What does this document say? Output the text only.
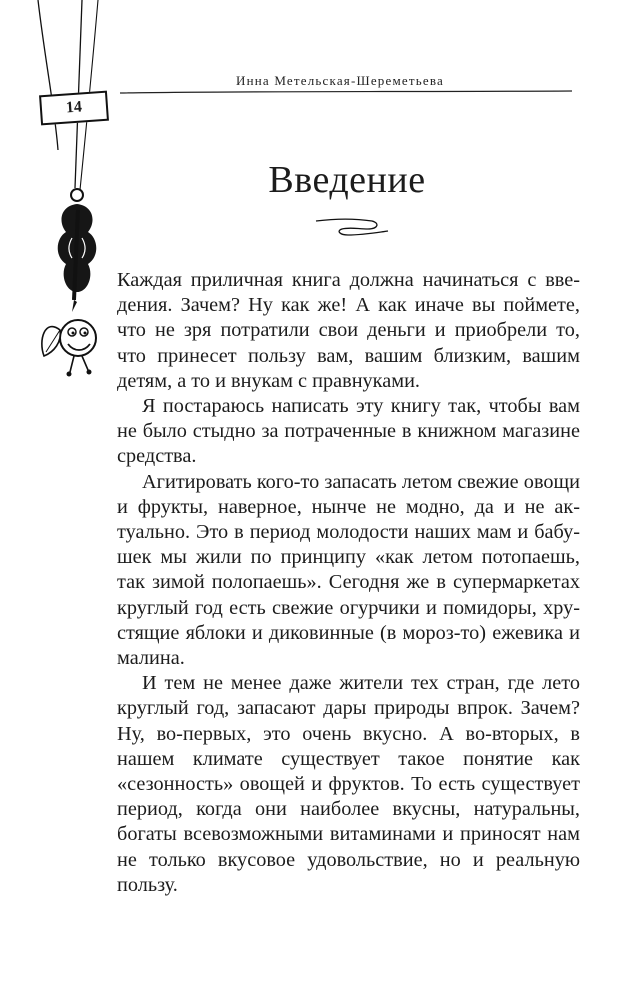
Инна Метельская-Шереметьева
14
Введение

Каждая приличная книга должна начинаться с введения. Зачем? Ну как же! А как иначе вы поймете, что не зря потратили свои деньги и приобрели то, что принесет пользу вам, вашим близким, вашим детям, а то и внукам с правнуками.

Я постараюсь написать эту книгу так, чтобы вам не было стыдно за потраченные в книжном магазине средства.

Агитировать кого-то запасать летом свежие овощи и фрукты, наверное, нынче не модно, да и не актуально. Это в период молодости наших мам и бабушек мы жили по принципу «как летом потопаешь, так зимой полопаешь». Сегодня же в супермаркетах круглый год есть свежие огурчики и помидоры, хрустящие яблоки и диковинные (в мороз-то) ежевика и малина.

И тем не менее даже жители тех стран, где лето круглый год, запасают дары природы впрок. Зачем? Ну, во-первых, это очень вкусно. А во-вторых, в нашем климате существует такое понятие как «сезонность» овощей и фруктов. То есть существует период, когда они наиболее вкусны, натуральны, богаты всевозможными витаминами и приносят нам не только вкусовое удовольствие, но и реальную пользу.
